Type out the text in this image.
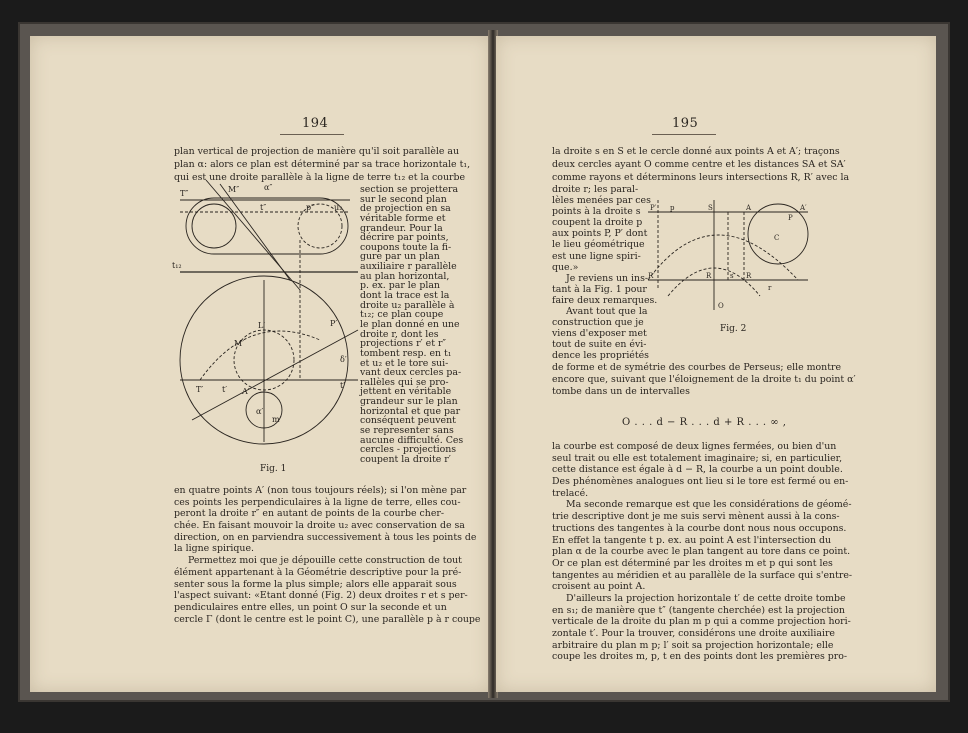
194
plan vertical de projection de manière qu'il soit parallèle au
plan α: alors ce plan est déterminé par sa trace horizontale t₁,
qui est une droite parallèle à la ligne de terre t₁₂ et la courbe
section se projettera
sur le second plan
de projection en sa
véritable forme et
grandeur. Pour la
décrire par points,
coupons toute la fi-
gure par un plan
auxiliaire r parallèle
au plan horizontal,
p. ex. par le plan
dont la trace est la
droite u₂ parallèle à
t₁₂; ce plan coupe
le plan donné en une
droite r, dont les
projections r′ et r″
tombent resp. en t₁
et u₂ et le tore sui-
vant deux cercles pa-
rallèles qui se pro-
jettent en véritable
grandeur sur le plan
horizontal et que par
conséquent peuvent
se representer sans
aucune difficulté. Ces
cercles - projections
coupent la droite r′
T″	M″	α″
t″	p″ u₂
t₁₂
L′	P′
M′
T′ t′ A′
δ′
t′
α′
m′
Fig. 1
en quatre points A′ (non tous toujours réels); si l'on mène par
ces points les perpendiculaires à la ligne de terre, elles cou-
peront la droite r″ en autant de points de la courbe cher-
chée. En faisant mouvoir la droite u₂ avec conservation de sa
direction, on en parviendra successivement à tous les points de
la ligne spirique.
Permettez moi que je dépouille cette construction de tout
élément appartenant à la Géométrie descriptive pour la pré-
senter sous la forme la plus simple; alors elle apparait sous
l'aspect suivant: «Etant donné (Fig. 2) deux droites r et s per-
pendiculaires entre elles, un point O sur la seconde et un
cercle Γ (dont le centre est le point C), une parallèle p à r coupe
195
la droite s en S et le cercle donné aux points A et A′; traçons
deux cercles ayant O comme centre et les distances SA et SA′
comme rayons et déterminons leurs intersections R, R′ avec la
droite r; les paral-
lèles menées par ces
points à la droite s
coupent la droite p
aux points P, P′ dont
le lieu géométrique
est une ligne spiri-
que.»
Je reviens un ins-
tant à la Fig. 1 pour
faire deux remarques.
Avant tout que la
construction que je
viens d'exposer met
tout de suite en évi-
dence les propriétés
P′ p	S	A
P
A′
C
R′	R	s R
r
O
Fig. 2
de forme et de symétrie des courbes de Perseus; elle montre
encore que, suivant que l'éloignement de la droite t₁ du point α′
tombe dans un de intervalles
O . . . d − R . . . d + R . . . ∞ ,
la courbe est composé de deux lignes fermées, ou bien d'un
seul trait ou elle est totalement imaginaire; si, en particulier,
cette distance est égale à d − R, la courbe a un point double.
Des phénomènes analogues ont lieu si le tore est fermé ou en-
trelacé.
Ma seconde remarque est que les considérations de géomé-
trie descriptive dont je me suis servi mènent aussi à la cons-
tructions des tangentes à la courbe dont nous nous occupons.
En effet la tangente t p. ex. au point A est l'intersection du
plan α de la courbe avec le plan tangent au tore dans ce point.
Or ce plan est déterminé par les droites m et p qui sont les
tangentes au méridien et au parallèle de la surface qui s'entre-
croisent au point A.
D'ailleurs la projection horizontale t′ de cette droite tombe
en s₁; de manière que t″ (tangente cherchée) est la projection
verticale de la droite du plan m p qui a comme projection hori-
zontale t′. Pour la trouver, considérons une droite auxiliaire
arbitraire du plan m p; l′ soit sa projection horizontale; elle
coupe les droites m, p, t en des points dont les premières pro-
